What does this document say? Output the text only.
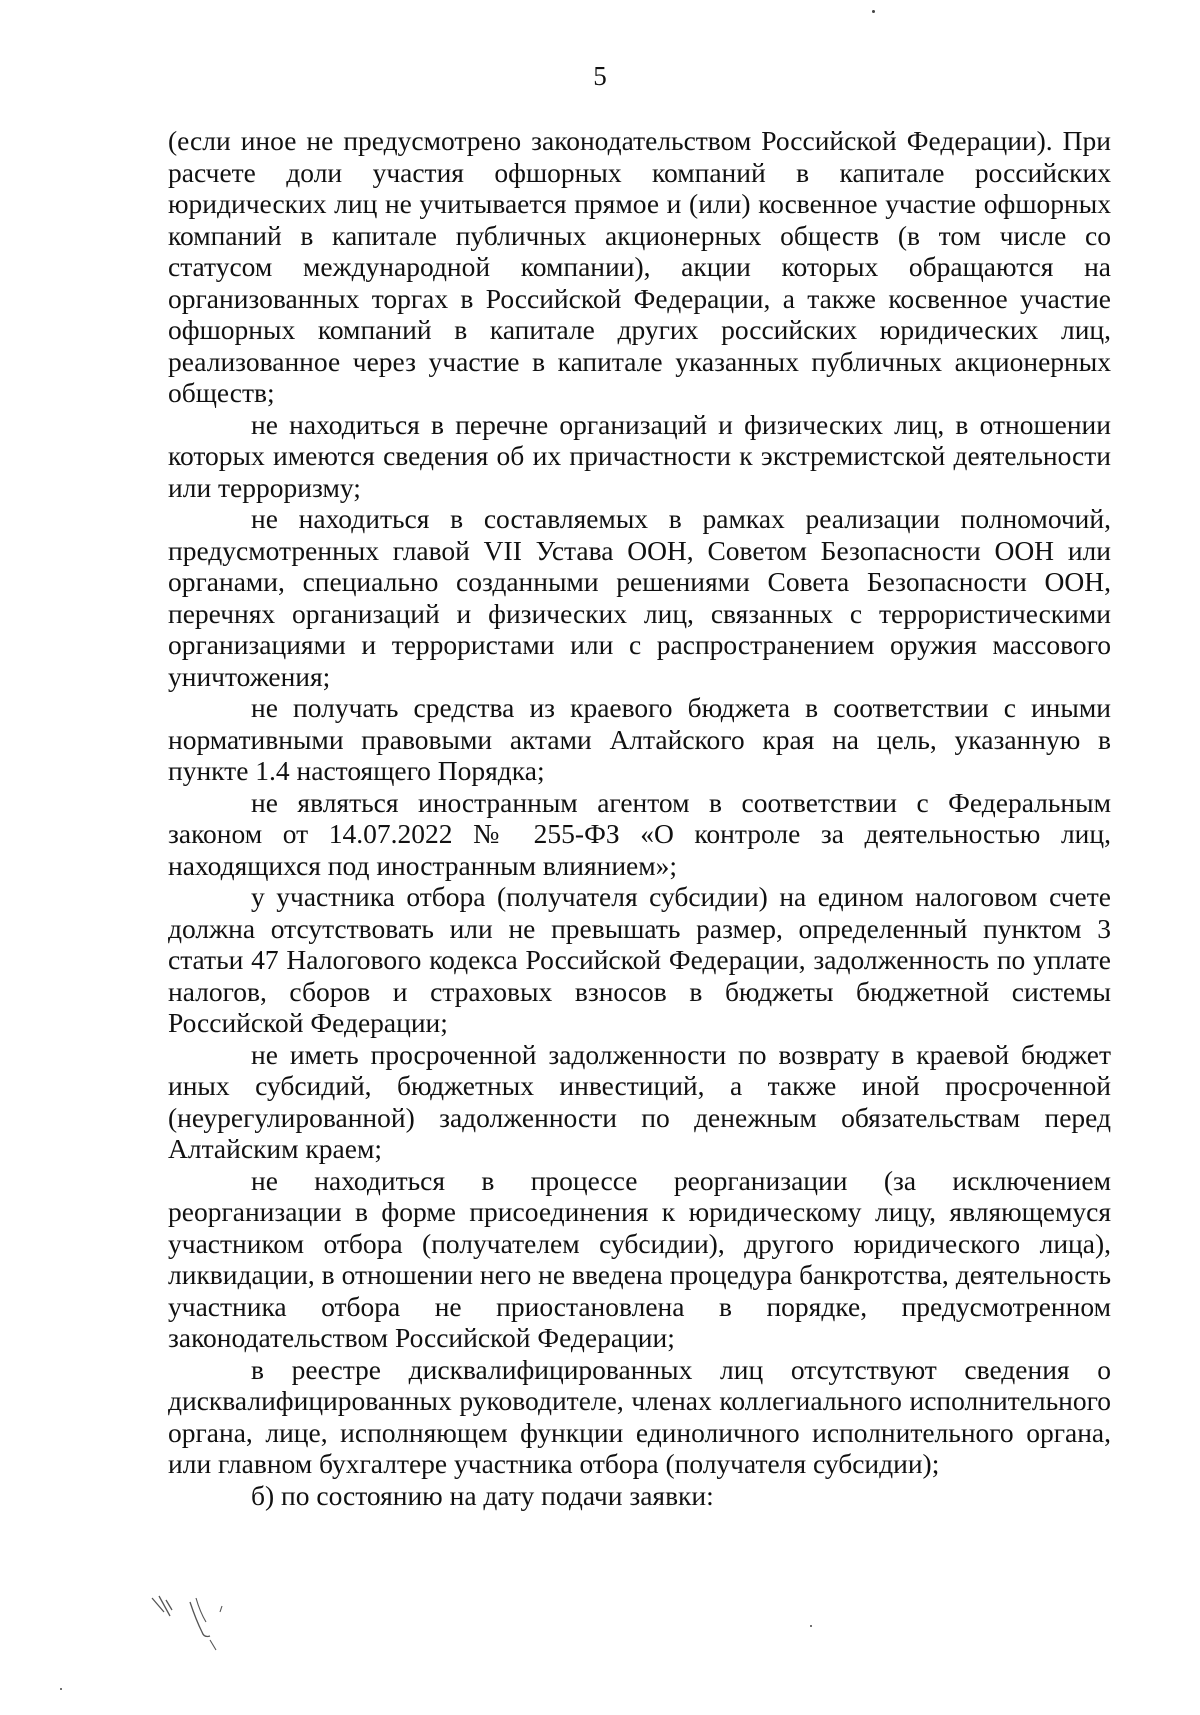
5

(если иное не предусмотрено законодательством Российской Федерации). При расчете доли участия офшорных компаний в капитале российских юридических лиц не учитывается прямое и (или) косвенное участие офшорных компаний в капитале публичных акционерных обществ (в том числе со статусом международной компании), акции которых обращаются на организованных торгах в Российской Федерации, а также косвенное участие офшорных компаний в капитале других российских юридических лиц, реализованное через участие в капитале указанных публичных акционерных обществ;

не находиться в перечне организаций и физических лиц, в отношении которых имеются сведения об их причастности к экстремистской деятельности или терроризму;

не находиться в составляемых в рамках реализации полномочий, предусмотренных главой VII Устава ООН, Советом Безопасности ООН или органами, специально созданными решениями Совета Безопасности ООН, перечнях организаций и физических лиц, связанных с террористическими организациями и террористами или с распространением оружия массового уничтожения;

не получать средства из краевого бюджета в соответствии с иными нормативными правовыми актами Алтайского края на цель, указанную в пункте 1.4 настоящего Порядка;

не являться иностранным агентом в соответствии с Федеральным законом от 14.07.2022 № 255-ФЗ «О контроле за деятельностью лиц, находящихся под иностранным влиянием»;

у участника отбора (получателя субсидии) на едином налоговом счете должна отсутствовать или не превышать размер, определенный пунктом 3 статьи 47 Налогового кодекса Российской Федерации, задолженность по уплате налогов, сборов и страховых взносов в бюджеты бюджетной системы Российской Федерации;

не иметь просроченной задолженности по возврату в краевой бюджет иных субсидий, бюджетных инвестиций, а также иной просроченной (неурегулированной) задолженности по денежным обязательствам перед Алтайским краем;

не находиться в процессе реорганизации (за исключением реорганизации в форме присоединения к юридическому лицу, являющемуся участником отбора (получателем субсидии), другого юридического лица), ликвидации, в отношении него не введена процедура банкротства, деятельность участника отбора не приостановлена в порядке, предусмотренном законодательством Российской Федерации;

в реестре дисквалифицированных лиц отсутствуют сведения о дисквалифицированных руководителе, членах коллегиального исполнительного органа, лице, исполняющем функции единоличного исполнительного органа, или главном бухгалтере участника отбора (получателя субсидии);

б) по состоянию на дату подачи заявки:
